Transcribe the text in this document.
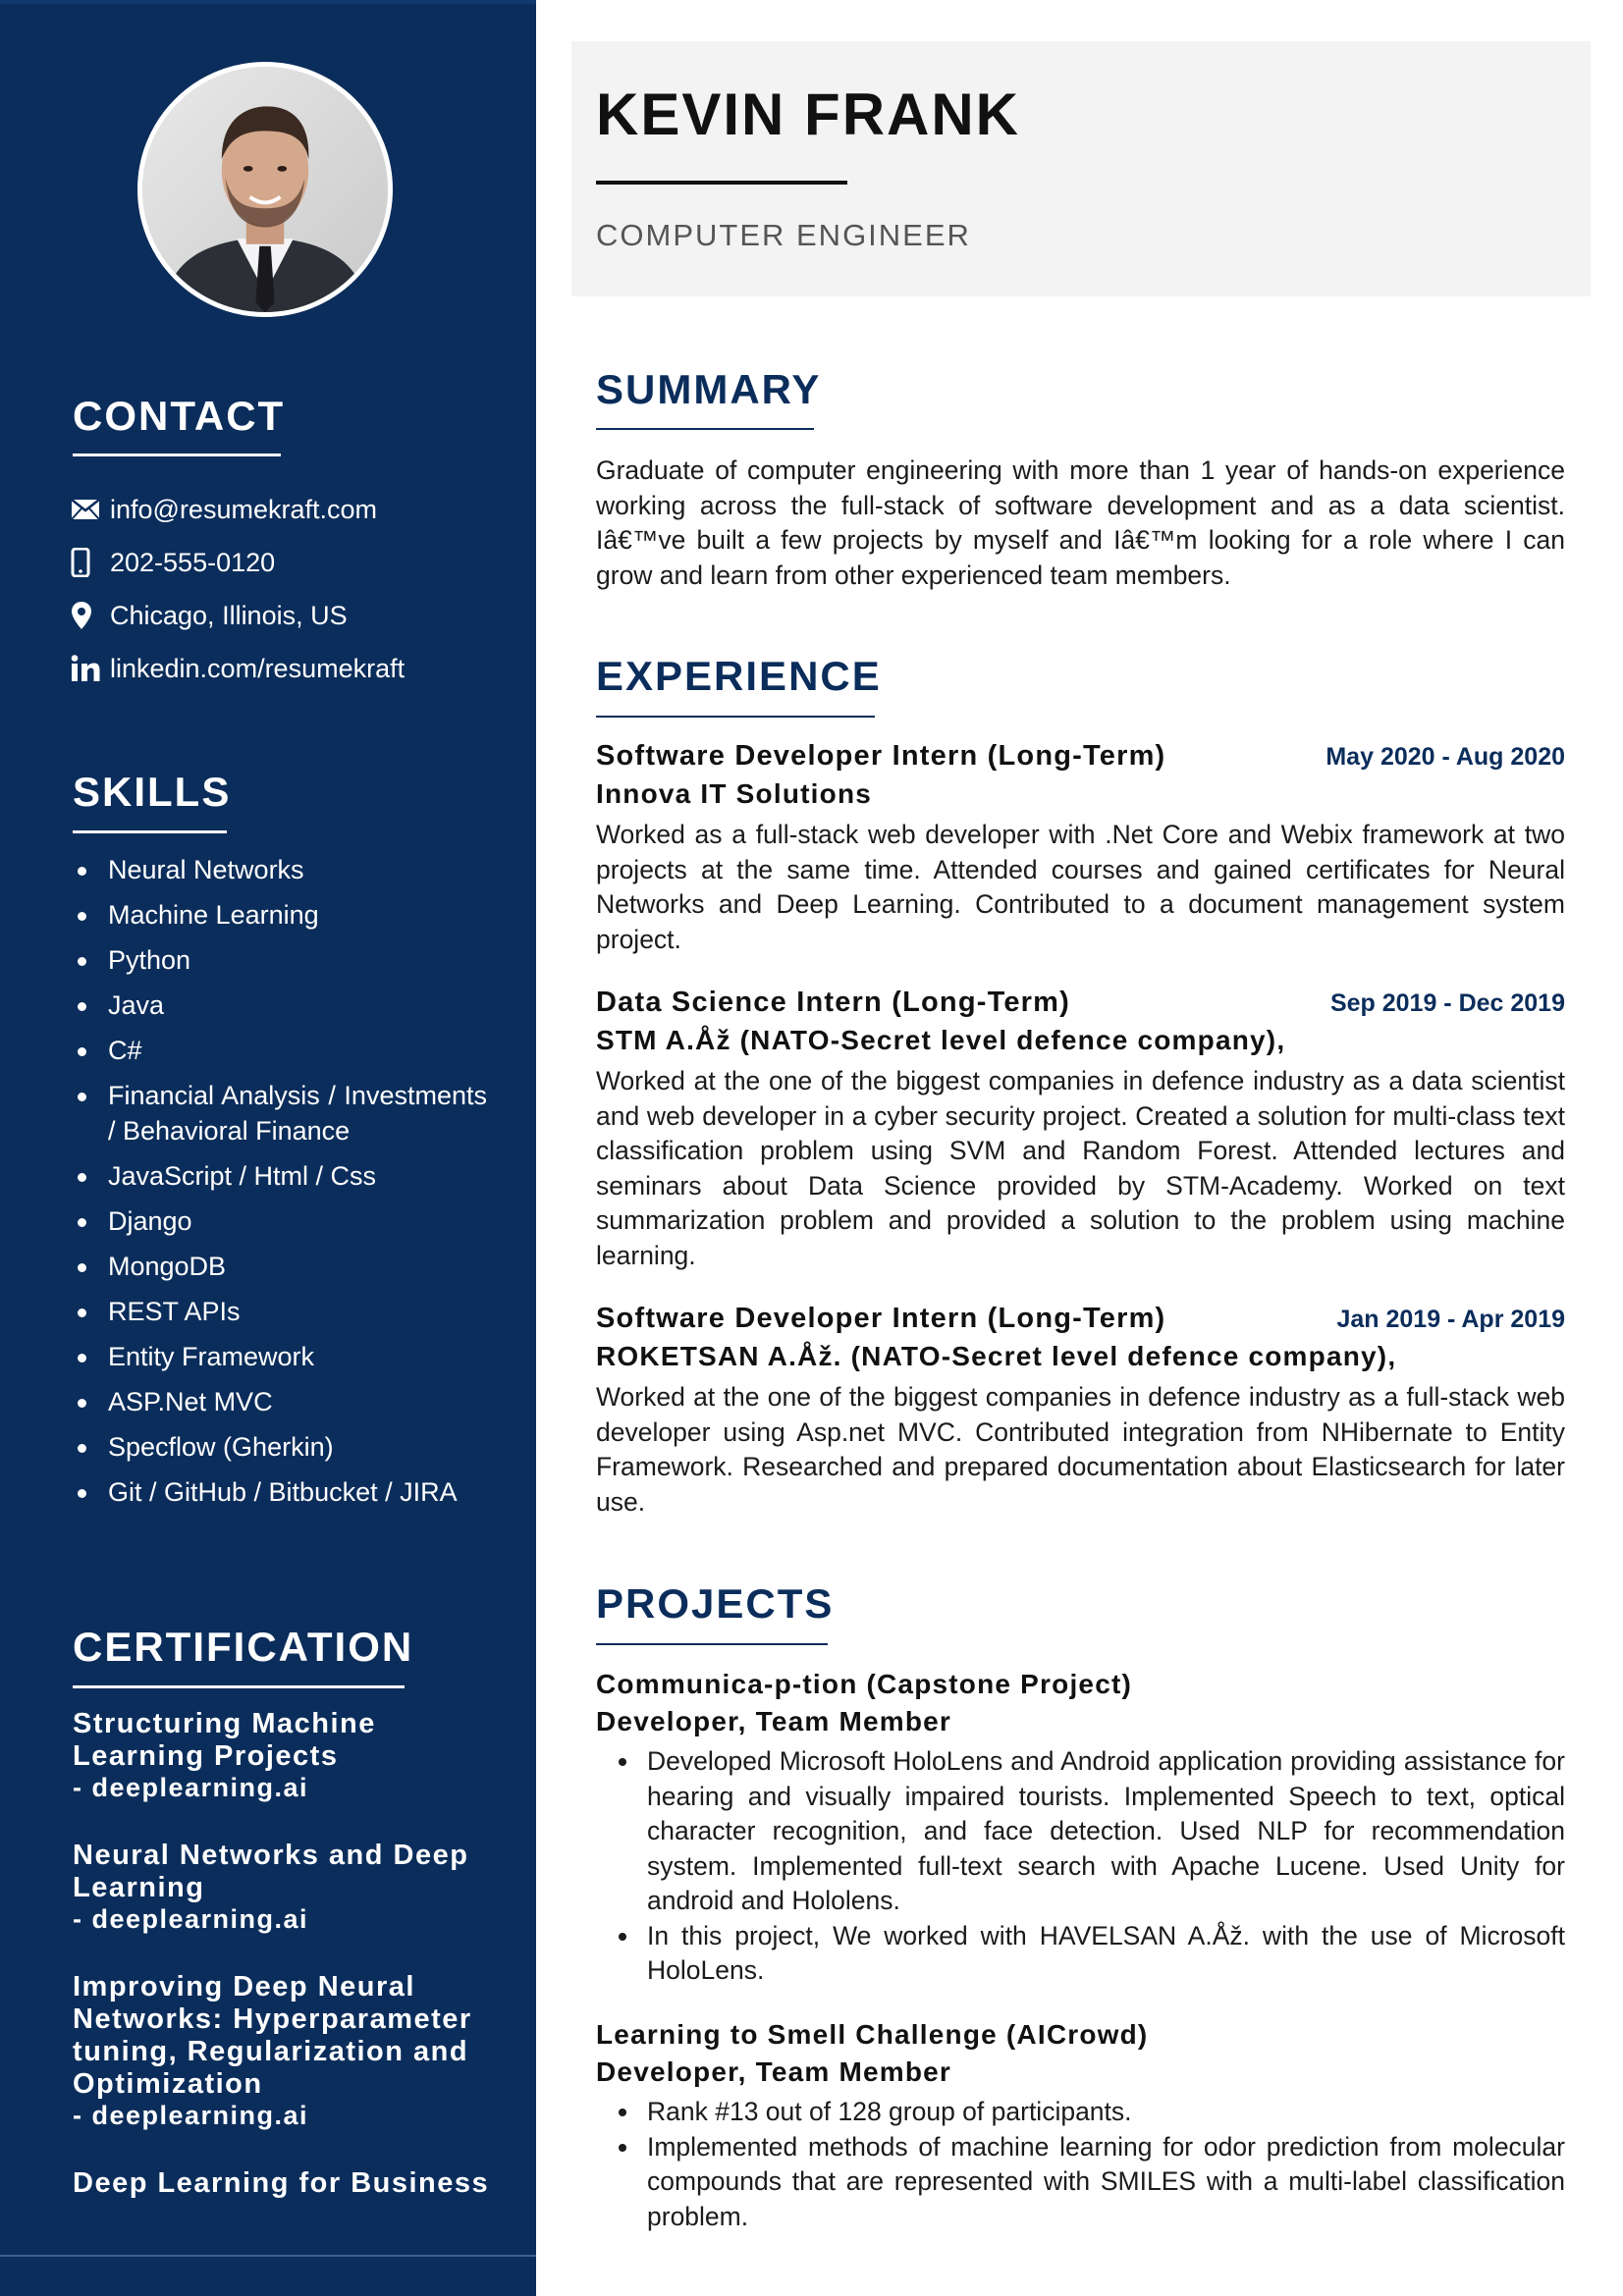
CONTACT
info@resumekraft.com
202-555-0120
Chicago, Illinois, US
linkedin.com/resumekraft
SKILLS
Neural Networks
Machine Learning
Python
Java
C#
Financial Analysis / Investments / Behavioral Finance
JavaScript / Html / Css
Django
MongoDB
REST APIs
Entity Framework
ASP.Net MVC
Specflow (Gherkin)
Git / GitHub / Bitbucket / JIRA
CERTIFICATION
Structuring Machine Learning Projects
- deeplearning.ai
Neural Networks and Deep Learning
- deeplearning.ai
Improving Deep Neural Networks: Hyperparameter tuning, Regularization and Optimization
- deeplearning.ai
Deep Learning for Business
KEVIN FRANK
COMPUTER ENGINEER
SUMMARY

Graduate of computer engineering with more than 1 year of hands-on experience working across the full-stack of software development and as a data scientist. Iâ€™ve built a few projects by myself and Iâ€™m looking for a role where I can grow and learn from other experienced team members.

EXPERIENCE
Software Developer Intern (Long-Term)	May 2020 - Aug 2020
Innova IT Solutions

Worked as a full-stack web developer with .Net Core and Webix framework at two projects at the same time. Attended courses and gained certificates for Neural Networks and Deep Learning. Contributed to a document management system project.

Data Science Intern (Long-Term)	Sep 2019 - Dec 2019
STM A.Åž (NATO-Secret level defence company),

Worked at the one of the biggest companies in defence industry as a data scientist and web developer in a cyber security project. Created a solution for multi-class text classification problem using SVM and Random Forest. Attended lectures and seminars about Data Science provided by STM-Academy. Worked on text summarization problem and provided a solution to the problem using machine learning.

Software Developer Intern (Long-Term)	Jan 2019 - Apr 2019
ROKETSAN A.Åž. (NATO-Secret level defence company),

Worked at the one of the biggest companies in defence industry as a full-stack web developer using Asp.net MVC. Contributed integration from NHibernate to Entity Framework. Researched and prepared documentation about Elasticsearch for later use.

PROJECTS
Communica-p-tion (Capstone Project)
Developer, Team Member
Developed Microsoft HoloLens and Android application providing assistance for hearing and visually impaired tourists. Implemented Speech to text, optical character recognition, and face detection. Used NLP for recommendation system. Implemented full-text search with Apache Lucene. Used Unity for android and Hololens.
In this project, We worked with HAVELSAN A.Åž. with the use of Microsoft HoloLens.
Learning to Smell Challenge (AICrowd)
Developer, Team Member
Rank #13 out of 128 group of participants.
Implemented methods of machine learning for odor prediction from molecular compounds that are represented with SMILES with a multi-label classification problem.
